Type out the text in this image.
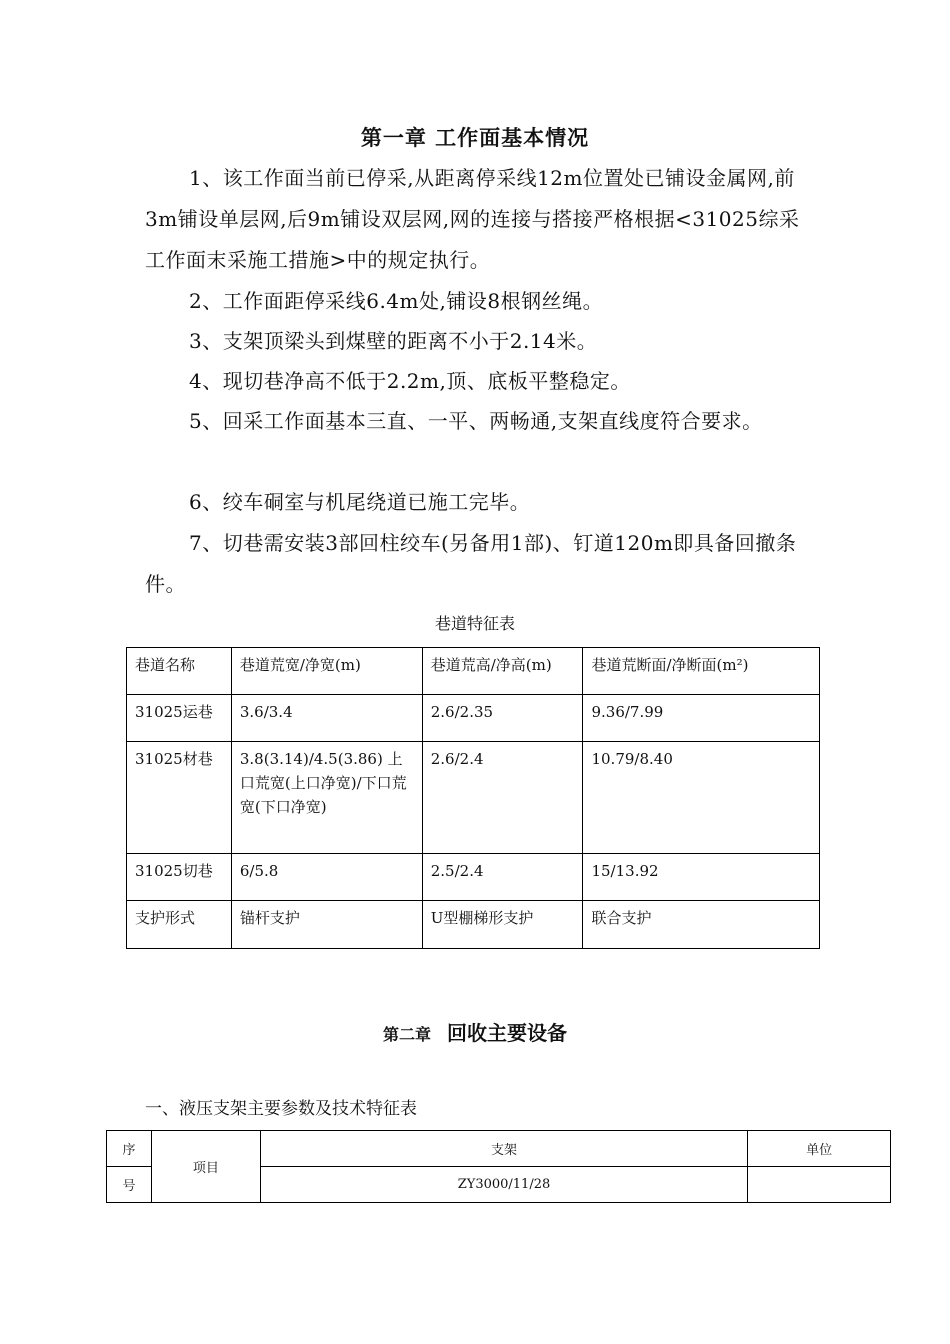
第一章 工作面基本情况

1、该工作面当前已停采,从距离停采线12m位置处已铺设金属网,前3m铺设单层网,后9m铺设双层网,网的连接与搭接严格根据<31025综采工作面末采施工措施>中的规定执行。

2、工作面距停采线6.4m处,铺设8根钢丝绳。

3、支架顶梁头到煤壁的距离不小于2.14米。

4、现切巷净高不低于2.2m,顶、底板平整稳定。

5、回采工作面基本三直、一平、两畅通,支架直线度符合要求。

6、绞车硐室与机尾绕道已施工完毕。

7、切巷需安装3部回柱绞车(另备用1部)、钉道120m即具备回撤条件。

巷道特征表
巷道名称	巷道荒宽/净宽(m)	巷道荒高/净高(m)	巷道荒断面/净断面(m²)
31025运巷	3.6/3.4	2.6/2.35	9.36/7.99
31025材巷	3.8(3.14)/4.5(3.86) 上口荒宽(上口净宽)/下口荒宽(下口净宽)	2.6/2.4	10.79/8.40
31025切巷	6/5.8	2.5/2.4	15/13.92
支护形式	锚杆支护	U型棚梯形支护	联合支护
第二章 回收主要设备
一、液压支架主要参数及技术特征表
序	项目	支架	单位
号		ZY3000/11/28	
